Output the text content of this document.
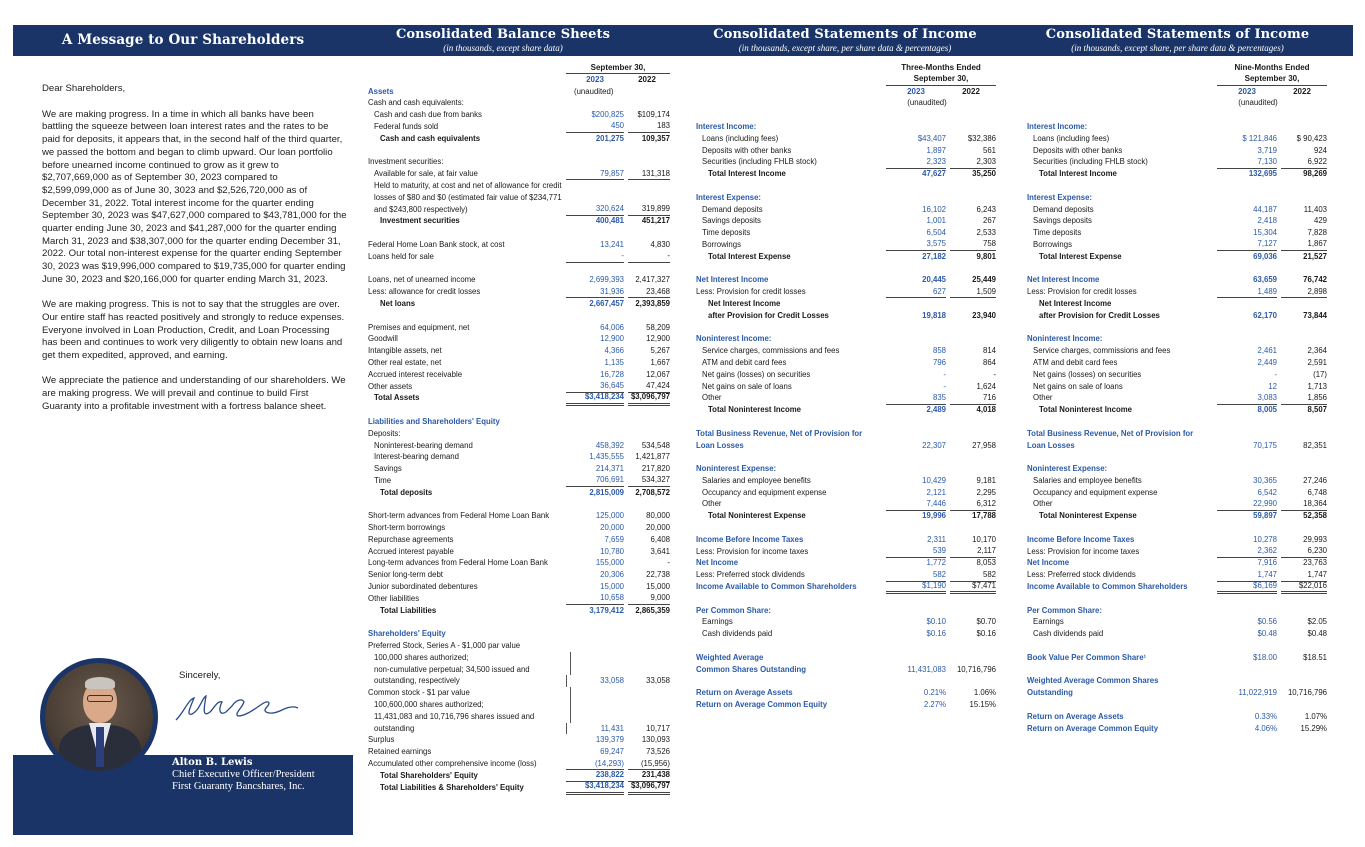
A Message to Our Shareholders	Consolidated Balance Sheets
(in thousands, except share data)
Consolidated Statements of Income
(in thousands, except share, per share data & percentages)
Consolidated Statements of Income
(in thousands, except share, per share data & percentages)

Dear Shareholders,

We are making progress. In a time in which all banks have been battling the squeeze between loan interest rates and the rates to be paid for deposits, it appears that, in the second half of the third quarter, we passed the bottom and began to climb upward. Our loan portfolio before unearned income continued to grow as it grew to $2,707,669,000 as of September 30, 2023 compared to $2,599,099,000 as of June 30, 3023 and $2,526,720,000 as of December 31, 2022. Total interest income for the quarter ending September 30, 2023 was $47,627,000 compared to $43,781,000 for the quarter ending June 30, 2023 and $41,287,000 for the quarter ending March 31, 2023 and $38,307,000 for the quarter ending December 31, 2022. Our total non-interest expense for the quarter ending September 30, 2023 was $19,996,000 compared to $19,735,000 for quarter ending June 30, 2023 and $20,166,000 for quarter ending March 31, 2023.

We are making progress. This is not to say that the struggles are over. Our entire staff has reacted positively and strongly to reduce expenses. Everyone involved in Loan Production, Credit, and Loan Processing has been and continues to work very diligently to obtain new loans and get them expedited, approved, and earning.

We appreciate the patience and understanding of our shareholders. We are making progress. We will prevail and continue to build First Guaranty into a profitable investment with a fortress balance sheet.

Sincerely,
Alton B. Lewis
Chief Executive Officer/President
First Guaranty Bancshares, Inc.
September 30,
2023	2022
Assets	(unaudited)
Cash and cash equivalents:
Cash and cash due from banks	$200,825	$109,174
Federal funds sold	450	183
Cash and cash equivalents	201,275	109,357
Investment securities:
Available for sale, at fair value	79,857	131,318
Held to maturity, at cost and net of allowance for credit
losses of $80 and $0 (estimated fair value of $234,771
and $243,800 respectively)	320,624	319,899
Investment securities	400,481	451,217
Federal Home Loan Bank stock, at cost	13,241	4,830
Loans held for sale	-	-
Loans, net of unearned income	2,699,393	2,417,327
Less: allowance for credit losses	31,936	23,468
Net loans	2,667,457	2,393,859
Premises and equipment, net	64,006	58,209
Goodwill	12,900	12,900
Intangible assets, net	4,366	5,267
Other real estate, net	1,135	1,667
Accrued interest receivable	16,728	12,067
Other assets	36,645	47,424
Total Assets	$3,418,234 $3,096,797
Liabilities and Shareholders' Equity
Deposits:
Noninterest-bearing demand	458,392	534,548
Interest-bearing demand	1,435,555	1,421,877
Savings	214,371	217,820
Time	706,691	534,327
Total deposits	2,815,009	2,708,572
Short-term advances from Federal Home Loan Bank	125,000	80,000
Short-term borrowings	20,000	20,000
Repurchase agreements	7,659	6,408
Accrued interest payable	10,780	3,641
Long-term advances from Federal Home Loan Bank	155,000	-
Senior long-term debt	20,306	22,738
Junior subordinated debentures	15,000	15,000
Other liabilities	10,658	9,000
Total Liabilities	3,179,412	2,865,359
Shareholders' Equity
Preferred Stock, Series A - $1,000 par value
100,000 shares authorized;
non-cumulative perpetual; 34,500 issued and
outstanding, respectively	33,058	33,058
Common stock - $1 par value
100,600,000 shares authorized;
11,431,083 and 10,716,796 shares issued and
outstanding	11,431	10,717
Surplus	139,379	130,093
Retained earnings	69,247	73,526
Accumulated other comprehensive income (loss)	(14,293)	(15,956)
Total Shareholders' Equity	238,822	231,438
Total Liabilities & Shareholders' Equity	$3,418,234 $3,096,797
Three-Months Ended
September 30,
2023	2022
(unaudited)
Interest Income:
Loans (including fees)	$43,407	$32,386
Deposits with other banks	1,897	561
Securities (including FHLB stock)	2,323	2,303
Total Interest Income	47,627	35,250
Interest Expense:
Demand deposits	16,102	6,243
Savings deposits	1,001	267
Time deposits	6,504	2,533
Borrowings	3,575	758
Total Interest Expense	27,182	9,801
Net Interest Income	20,445	25,449
Less: Provision for credit losses	627	1,509
Net Interest Income
after Provision for Credit Losses	19,818	23,940
Noninterest Income:
Service charges, commissions and fees	858	814
ATM and debit card fees	796	864
Net gains (losses) on securities	-	-
Net gains on sale of loans	-	1,624
Other	835	716
Total Noninterest Income	2,489	4,018
Total Business Revenue, Net of Provision for
Loan Losses	22,307	27,958
Noninterest Expense:
Salaries and employee benefits	10,429	9,181
Occupancy and equipment expense	2,121	2,295
Other	7,446	6,312
Total Noninterest Expense	19,996	17,788
Income Before Income Taxes	2,311	10,170
Less: Provision for income taxes	539	2,117
Net Income	1,772	8,053
Less: Preferred stock dividends	582	582
Income Available to Common Shareholders	$1,190	$7,471
Per Common Share:
Earnings	$0.10	$0.70
Cash dividends paid	$0.16	$0.16
Weighted Average
Common Shares Outstanding	11,431,083	10,716,796
Return on Average Assets	0.21%	1.06%
Return on Average Common Equity	2.27%	15.15%
Nine-Months Ended
September 30,
2023	2022
(unaudited)
Interest Income:
Loans (including fees)	$ 121,846	$ 90,423
Deposits with other banks	3,719	924
Securities (including FHLB stock)	7,130	6,922
Total Interest Income	132,695	98,269
Interest Expense:
Demand deposits	44,187	11,403
Savings deposits	2,418	429
Time deposits	15,304	7,828
Borrowings	7,127	1,867
Total Interest Expense	69,036	21,527
Net Interest Income	63,659	76,742
Less: Provision for credit losses	1,489	2,898
Net Interest Income
after Provision for Credit Losses	62,170	73,844
Noninterest Income:
Service charges, commissions and fees	2,461	2,364
ATM and debit card fees	2,449	2,591
Net gains (losses) on securities	-	(17)
Net gains on sale of loans	12	1,713
Other	3,083	1,856
Total Noninterest Income	8,005	8,507
Total Business Revenue, Net of Provision for
Loan Losses	70,175	82,351
Noninterest Expense:
Salaries and employee benefits	30,365	27,246
Occupancy and equipment expense	6,542	6,748
Other	22,990	18,364
Total Noninterest Expense	59,897	52,358
Income Before Income Taxes	10,278	29,993
Less: Provision for income taxes	2,362	6,230
Net Income	7,916	23,763
Less: Preferred stock dividends	1,747	1,747
Income Available to Common Shareholders	$6,169	$22,016
Per Common Share:
Earnings	$0.56	$2.05
Cash dividends paid	$0.48	$0.48
Book Value Per Common Share¹	$18.00	$18.51
Weighted Average Common Shares
Outstanding	11,022,919	10,716,796
Return on Average Assets	0.33%	1.07%
Return on Average Common Equity	4.06%	15.29%
